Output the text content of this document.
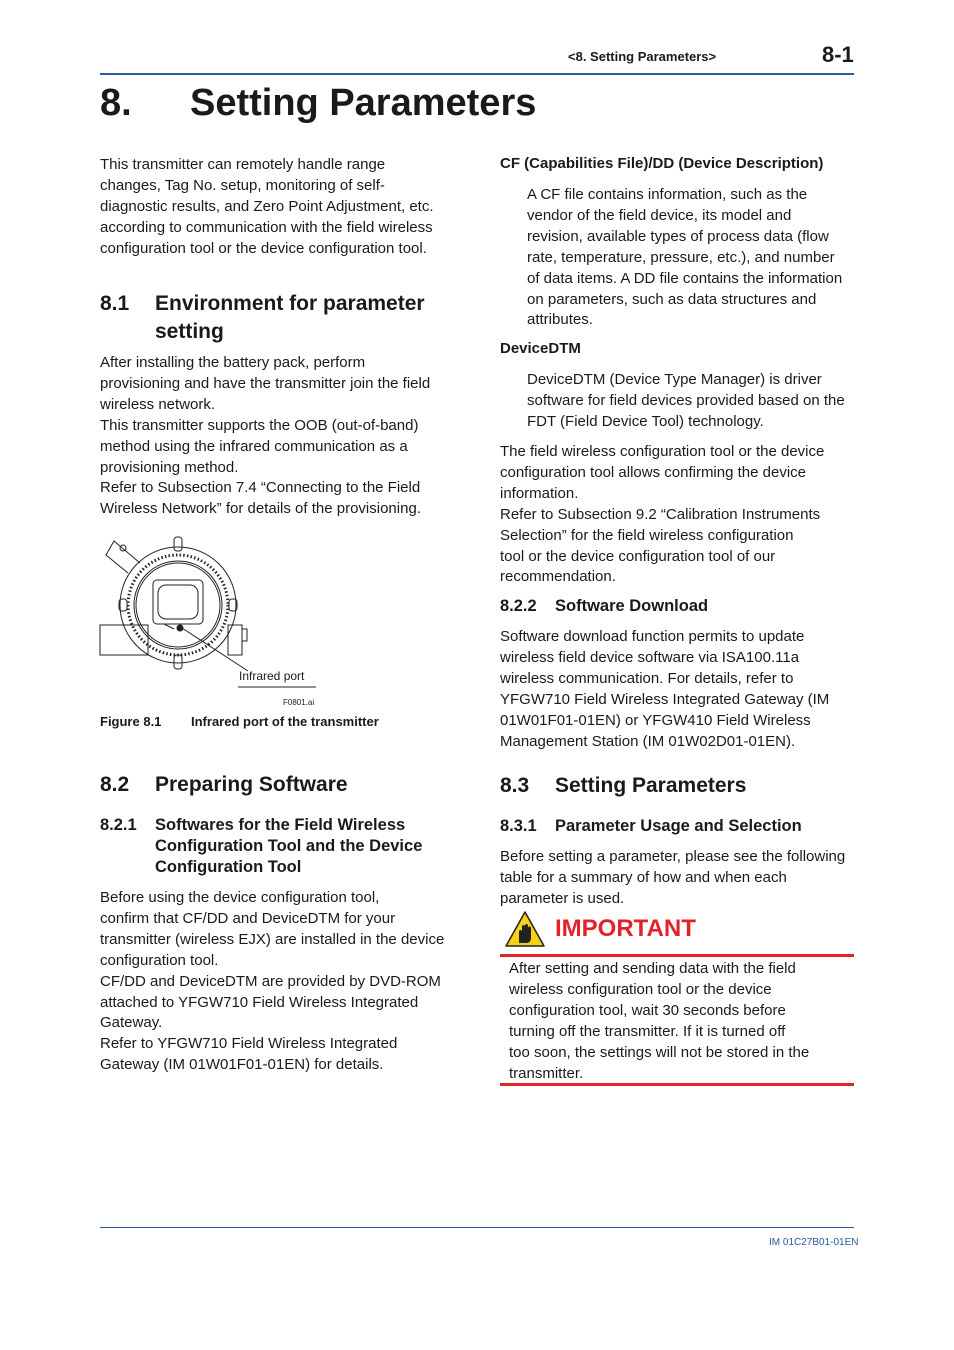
<8. Setting Parameters>	8-1
8. Setting Parameters

This transmitter can remotely handle range
changes, Tag No. setup, monitoring of self-
diagnostic results, and Zero Point Adjustment, etc.
according to communication with the field wireless
configuration tool or the device configuration tool.

8.1 Environment for parameter
setting

After installing the battery pack, perform
provisioning and have the transmitter join the field
wireless network.
This transmitter supports the OOB (out-of-band)
method using the infrared communication as a
provisioning method.
Refer to Subsection 7.4 “Connecting to the Field
Wireless Network” for details of the provisioning.

Infrared port
F0801.ai
Figure 8.1 Infrared port of the transmitter
8.2 Preparing Software
8.2.1 Softwares for the Field Wireless
Configuration Tool and the Device
Configuration Tool

Before using the device configuration tool,
confirm that CF/DD and DeviceDTM for your
transmitter (wireless EJX) are installed in the device
configuration tool.
CF/DD and DeviceDTM are provided by DVD-ROM
attached to YFGW710 Field Wireless Integrated
Gateway.
Refer to YFGW710 Field Wireless Integrated
Gateway (IM 01W01F01-01EN) for details.

CF (Capabilities File)/DD (Device Description)

A CF file contains information, such as the
vendor of the field device, its model and
revision, available types of process data (flow
rate, temperature, pressure, etc.), and number
of data items. A DD file contains the information
on parameters, such as data structures and
attributes.

DeviceDTM

DeviceDTM (Device Type Manager) is driver
software for field devices provided based on the
FDT (Field Device Tool) technology.

The field wireless configuration tool or the device
configuration tool allows confirming the device
information.
Refer to Subsection 9.2 “Calibration Instruments
Selection” for the field wireless configuration
tool or the device configuration tool of our
recommendation.

8.2.2 Software Download

Software download function permits to update
wireless field device software via ISA100.11a
wireless communication. For details, refer to
YFGW710 Field Wireless Integrated Gateway (IM
01W01F01-01EN) or YFGW410 Field Wireless
Management Station (IM 01W02D01-01EN).

8.3 Setting Parameters
8.3.1 Parameter Usage and Selection

Before setting a parameter, please see the following
table for a summary of how and when each
parameter is used.

IMPORTANT

After setting and sending data with the field
wireless configuration tool or the device
configuration tool, wait 30 seconds before
turning off the transmitter. If it is turned off
too soon, the settings will not be stored in the
transmitter.

IM 01C27B01-01EN
